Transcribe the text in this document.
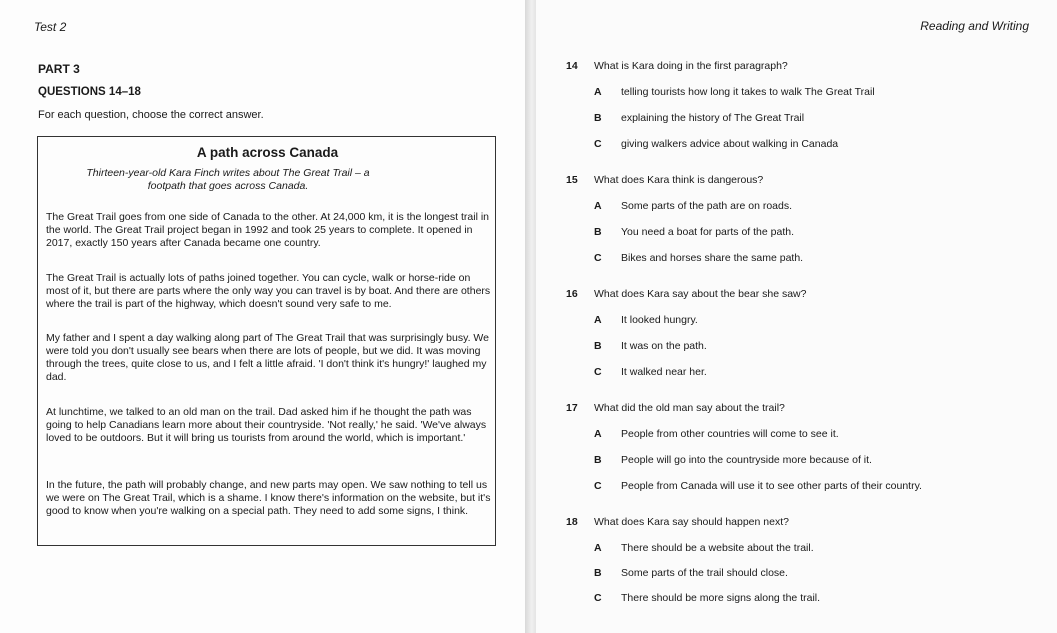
Test 2
PART 3
QUESTIONS 14–18
For each question, choose the correct answer.
A path across Canada
Thirteen-year-old Kara Finch writes about The Great Trail – a footpath that goes across Canada.
The Great Trail goes from one side of Canada to the other. At 24,000 km, it is the longest trail in the world. The Great Trail project began in 1992 and took 25 years to complete. It opened in 2017, exactly 150 years after Canada became one country.
The Great Trail is actually lots of paths joined together. You can cycle, walk or horse-ride on most of it, but there are parts where the only way you can travel is by boat. And there are others where the trail is part of the highway, which doesn't sound very safe to me.
My father and I spent a day walking along part of The Great Trail that was surprisingly busy. We were told you don't usually see bears when there are lots of people, but we did. It was moving through the trees, quite close to us, and I felt a little afraid. 'I don't think it's hungry!' laughed my dad.
At lunchtime, we talked to an old man on the trail. Dad asked him if he thought the path was going to help Canadians learn more about their countryside. 'Not really,' he said. 'We've always loved to be outdoors. But it will bring us tourists from around the world, which is important.'
In the future, the path will probably change, and new parts may open. We saw nothing to tell us we were on The Great Trail, which is a shame. I know there's information on the website, but it's good to know when you're walking on a special path. They need to add some signs, I think.
Reading and Writing
14 What is Kara doing in the first paragraph?
A telling tourists how long it takes to walk The Great Trail
B explaining the history of The Great Trail
C giving walkers advice about walking in Canada
15 What does Kara think is dangerous?
A Some parts of the path are on roads.
B You need a boat for parts of the path.
C Bikes and horses share the same path.
16 What does Kara say about the bear she saw?
A It looked hungry.
B It was on the path.
C It walked near her.
17 What did the old man say about the trail?
A People from other countries will come to see it.
B People will go into the countryside more because of it.
C People from Canada will use it to see other parts of their country.
18 What does Kara say should happen next?
A There should be a website about the trail.
B Some parts of the trail should close.
C There should be more signs along the trail.
